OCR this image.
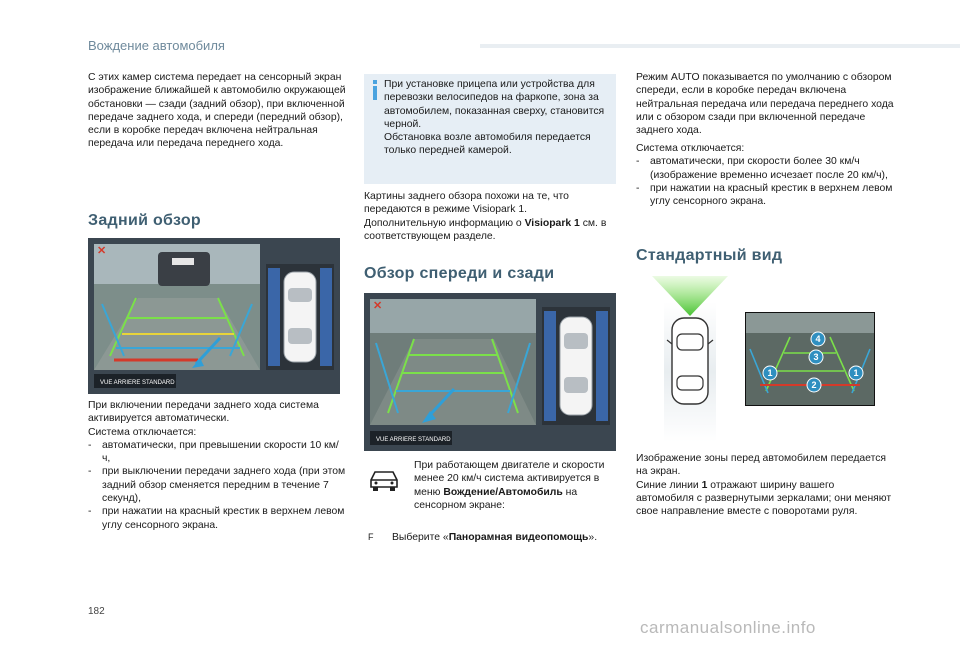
Вождение автомобиля
С этих камер система передает на сенсорный экран изображение ближайшей к автомобилю окружающей обстановки — сзади (задний обзор), при включенной передаче заднего хода, и спереди (передний обзор), если в коробке передач включена нейтральная передача или передача переднего хода.
Задний обзор
✕
VUE ARRIERE STANDARD

При включении передачи заднего хода система активируется автоматически.

Система отключается:

-	автоматически, при превышении скорости 10 км/ч,
-	при выключении передачи заднего хода (при этом задний обзор сменяется передним в течение 7 секунд),
-	при нажатии на красный крестик в верхнем левом углу сенсорного экрана.

При установке прицепа или устройства для перевозки велосипедов на фаркопе, зона за автомобилем, показанная сверху, становится черной.

Обстановка возле автомобиля передается только передней камерой.

Картины заднего обзора похожи на те, что передаются в режиме Visiopark 1.

Дополнительную информацию о Visiopark 1 см. в соответствующем разделе.

Обзор спереди и сзади
✕
VUE ARRIERE STANDARD
При работающем двигателе и скорости менее 20 км/ч система активируется в меню Вождение/Автомобиль на сенсорном экране:
F Выберите «Панорамная видеопомощь».
Режим AUTO показывается по умолчанию с обзором спереди, если в коробке передач включена нейтральная передача или передача переднего хода или с обзором сзади при включенной передаче заднего хода.

Система отключается:

-	автоматически, при скорости более 30 км/ч (изображение временно исчезает после 20 км/ч),
-	при нажатии на красный крестик в верхнем левом углу сенсорного экрана.
Стандартный вид
4
3
1
2
1

Изображение зоны перед автомобилем передается на экран.

Синие линии 1 отражают ширину вашего автомобиля с развернутыми зеркалами; они меняют свое направление вместе с поворотами руля.

182
carmanualsonline.info
